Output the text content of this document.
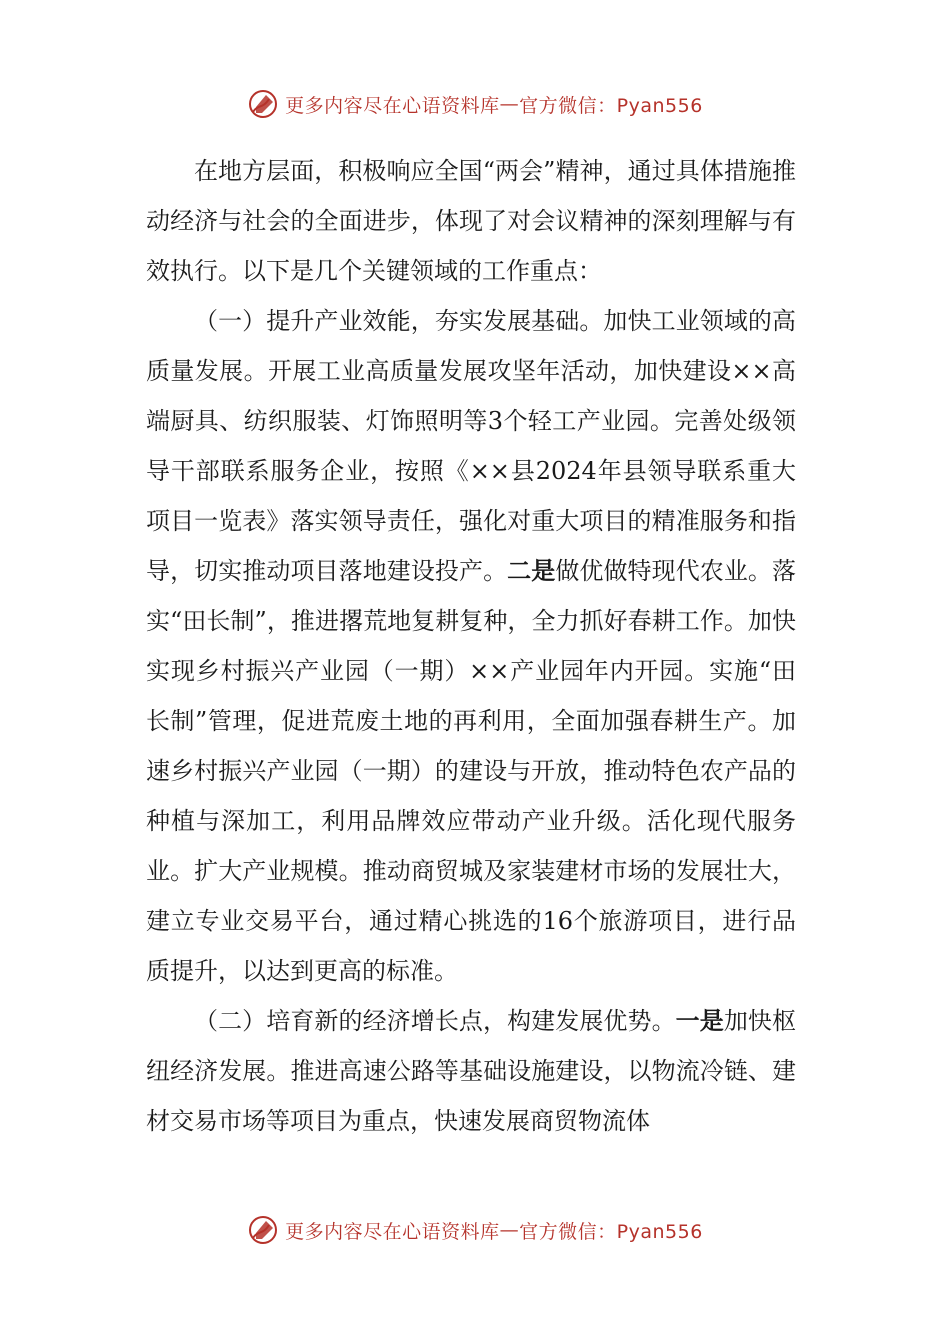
更多内容尽在心语资料库 — 官方微信：Pyan556

在地方层面，积极响应全国“两会”精神，通过具体措施推动经济与社会的全面进步，体现了对会议精神的深刻理解与有效执行。以下是几个关键领域的工作重点：

（一）提升产业效能，夯实发展基础。加快工业领域的高质量发展。开展工业高质量发展攻坚年活动，加快建设××高端厨具、纺织服装、灯饰照明等3个轻工产业园。完善处级领导干部联系服务企业，按照《××县2024年县领导联系重大项目一览表》落实领导责任，强化对重大项目的精准服务和指导，切实推动项目落地建设投产。二是做优做特现代农业。落实“田长制”，推进撂荒地复耕复种，全力抓好春耕工作。加快实现乡村振兴产业园（一期）××产业园年内开园。实施“田长制”管理，促进荒废土地的再利用，全面加强春耕生产。加速乡村振兴产业园（一期）的建设与开放，推动特色农产品的种植与深加工，利用品牌效应带动产业升级。活化现代服务业。扩大产业规模。推动商贸城及家装建材市场的发展壮大，建立专业交易平台，通过精心挑选的16个旅游项目，进行品质提升，以达到更高的标准。

（二）培育新的经济增长点，构建发展优势。一是加快枢纽经济发展。推进高速公路等基础设施建设，以物流冷链、建材交易市场等项目为重点，快速发展商贸物流体

更多内容尽在心语资料库 — 官方微信：Pyan556
